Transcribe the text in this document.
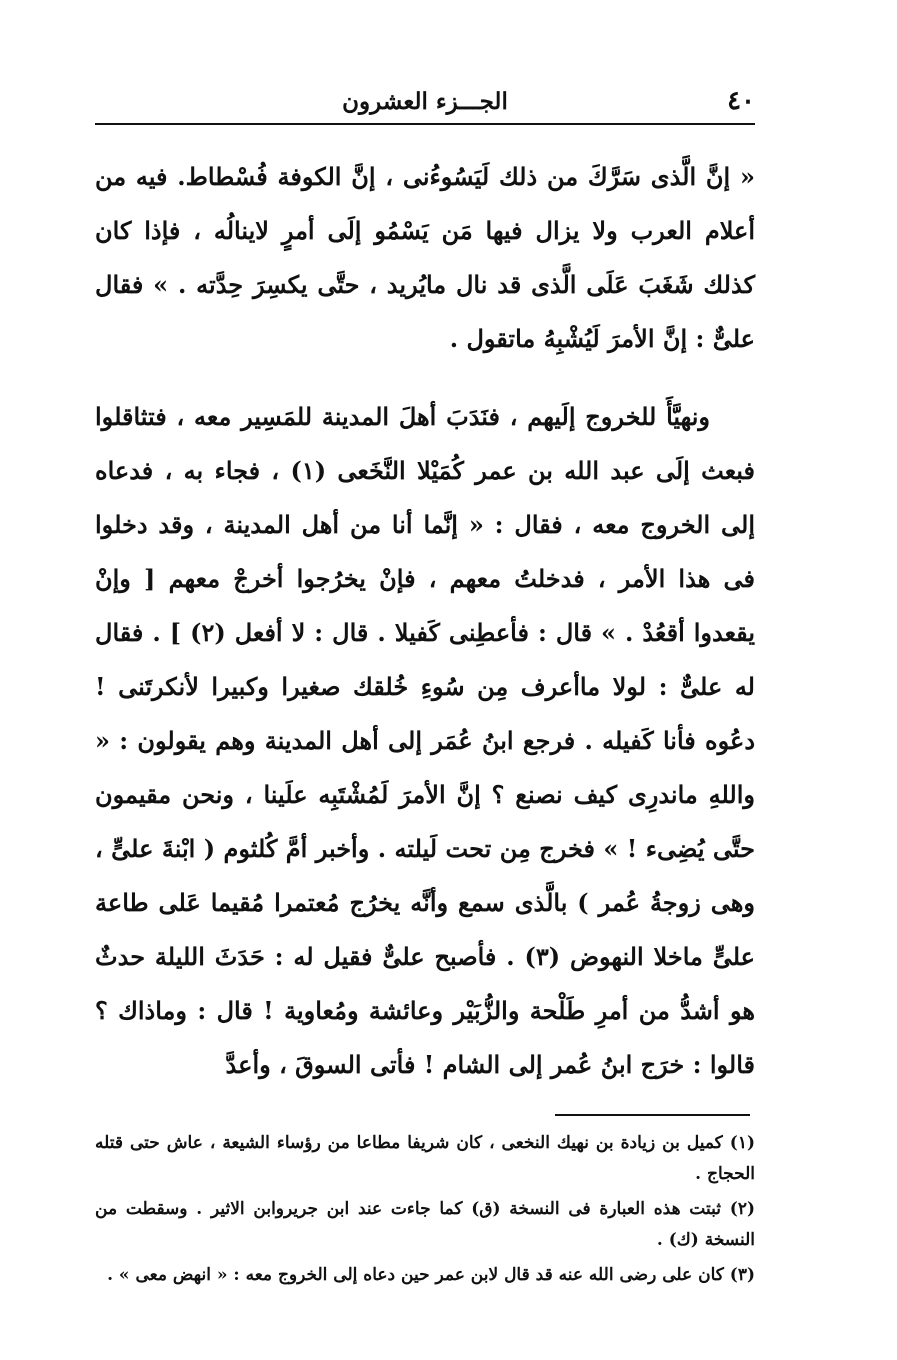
٤٠
الجـــزء العشرون

« إنَّ الَّذى سَرَّكَ من ذلك لَيَسُوءُنى ، إنَّ الكوفة فُسْطاط. فيه من أعلام العرب ولا يزال فيها مَن يَسْمُو إلَى أمرٍ لاينالُه ، فإذا كان كذلك شَغَبَ عَلَى الَّذى قد نال مايُريد ، حتَّى يكسِرَ حِدَّته . » فقال علىٌّ : إنَّ الأمرَ لَيُشْبِهُ ماتقول .

ونهيَّأَ للخروج إلَيهم ، فنَدَبَ أهلَ المدينة للمَسِير معه ، فتثاقلوا فبعث إلَى عبد الله بن عمر كُمَيْلا النَّخَعى (١) ، فجاء به ، فدعاه إلى الخروج معه ، فقال : « إنَّما أنا من أهل المدينة ، وقد دخلوا فى هذا الأمر ، فدخلتُ معهم ، فإنْ يخرُجوا أخرجْ معهم [ وإنْ يقعدوا أقعُدْ . » قال : فأعطِنى كَفيلا . قال : لا أفعل (٢) ] . فقال له علىٌّ : لولا ماأعرف مِن سُوءِ خُلقك صغيرا وكبيرا لأنكرتَنى ! دعُوه فأنا كَفيله . فرجع ابنُ عُمَر إلى أهل المدينة وهم يقولون : « واللهِ ماندرِى كيف نصنع ؟ إنَّ الأمرَ لَمُشْتَبِه علَينا ، ونحن مقيمون حتَّى يُضِىء ! » فخرج مِن تحت لَيلته . وأخبر أمَّ كُلثوم ( ابْنةَ علىٍّ ، وهى زوجةُ عُمر ) بالَّذى سمع وأنَّه يخرُج مُعتمرا مُقيما عَلى طاعة علىٍّ ماخلا النهوض (٣) . فأصبح علىٌّ فقيل له : حَدَثَ الليلة حدثٌ هو أشدُّ من أمرِ طَلْحة والزُّبَيْر وعائشة ومُعاوية ! قال : وماذاك ؟ قالوا : خرَج ابنُ عُمر إلى الشام ! فأتى السوقَ ، وأعدَّ

(١) كميل بن زيادة بن نهيك النخعى ، كان شريفا مطاعا من رؤساء الشيعة ، عاش حتى قتله الحجاج .

(٢) ثبتت هذه العبارة فى النسخة (ق) كما جاءت عند ابن جريروابن الاثير . وسقطت من النسخة (ك) .

(٣) كان على رضى الله عنه قد قال لابن عمر حين دعاه إلى الخروج معه : « انهض معى » .
